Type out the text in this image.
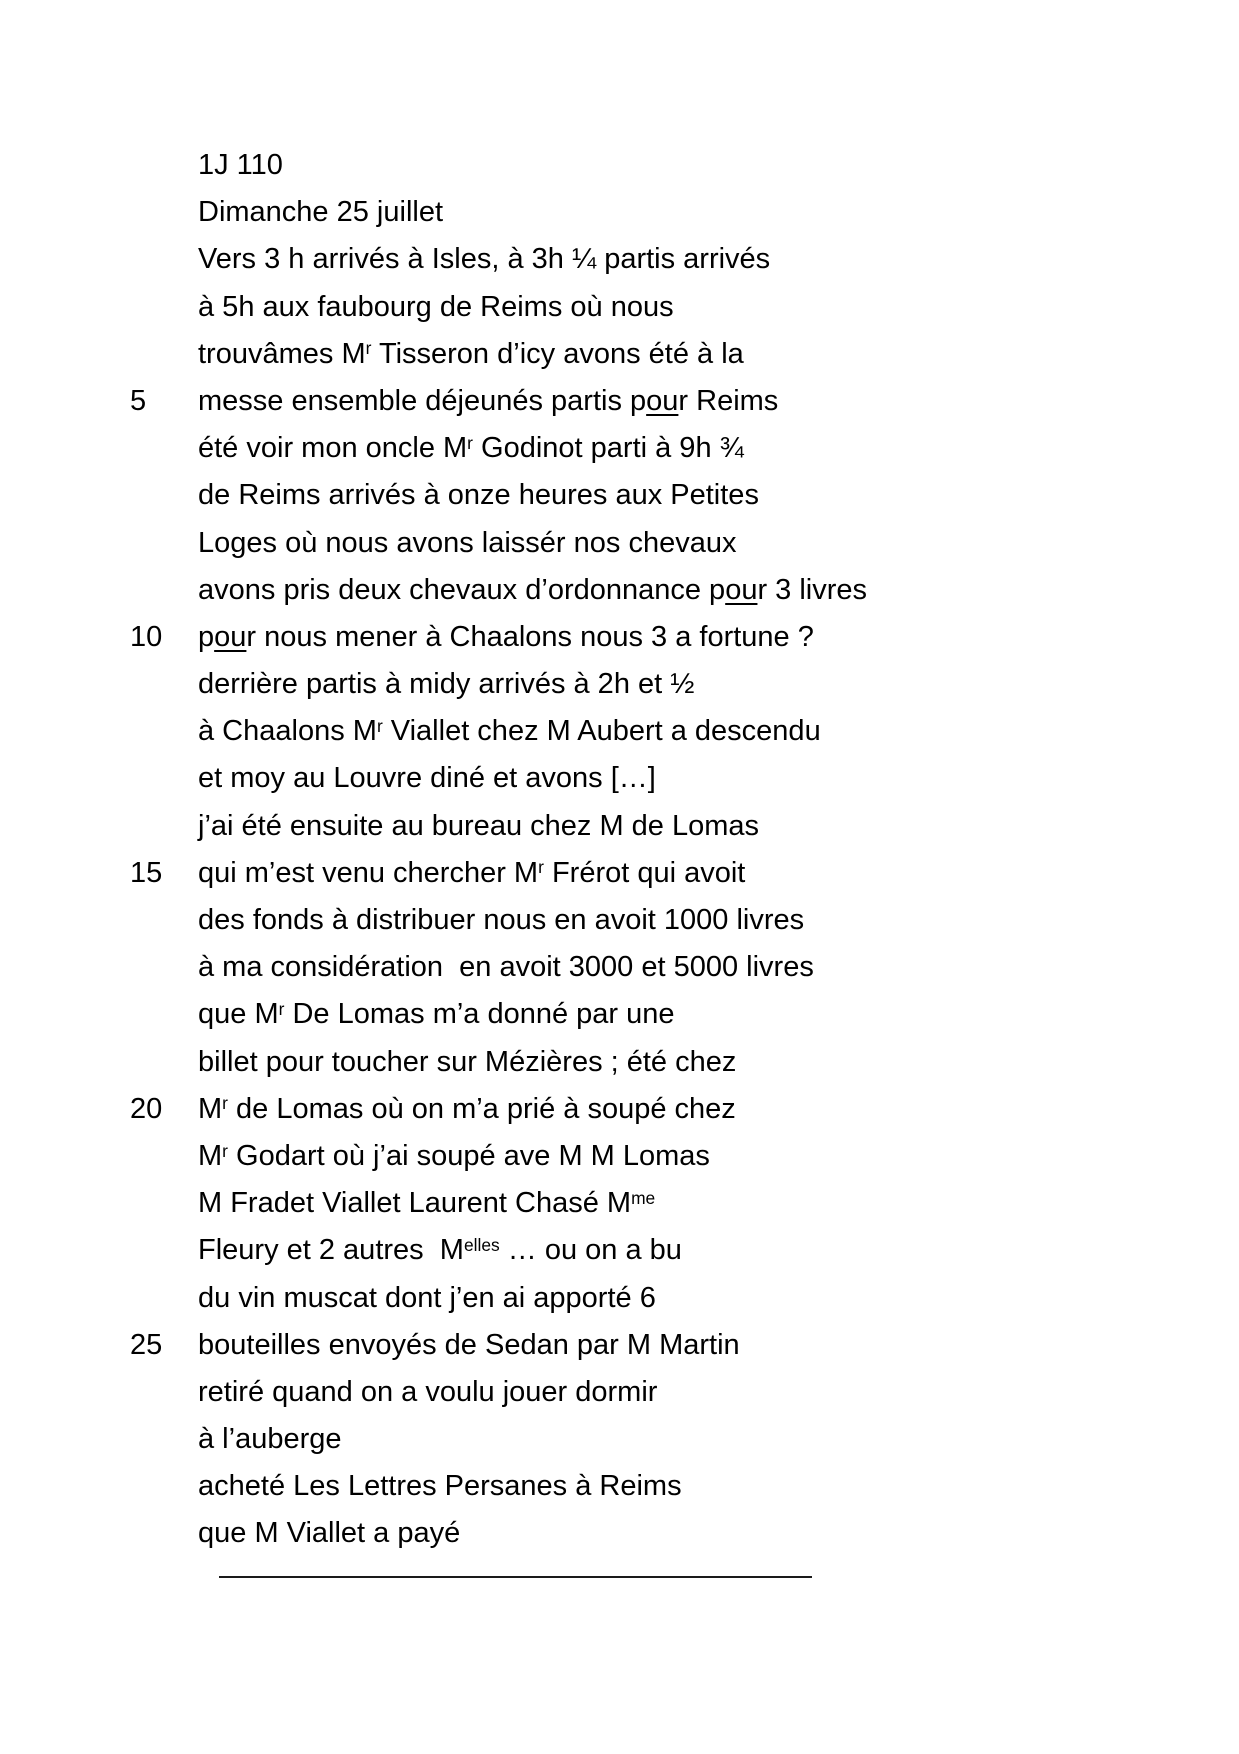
1J 110
Dimanche 25 juillet
Vers 3 h arrivés à Isles, à 3h ¼ partis arrivés
à 5h aux faubourg de Reims où nous
trouvâmes $M^r$ Tisseron d’icy avons été à la
5 messe ensemble déjeunés partis pour Reims
été voir mon oncle $M^r$ Godinot parti à 9h ¾
de Reims arrivés à onze heures aux Petites
Loges où nous avons laissér nos chevaux
avons pris deux chevaux d’ordonnance pour 3 livres
10 pour nous mener à Chaalons nous 3 a fortune ?
derrière partis à midy arrivés à 2h et ½
à Chaalons $M^r$ Viallet chez M Aubert a descendu
et moy au Louvre diné et avons […]
j’ai été ensuite au bureau chez M de Lomas
15 qui m’est venu chercher $M^r$ Frérot qui avoit
des fonds à distribuer nous en avoit 1000 livres
à ma considération  en avoit 3000 et 5000 livres
que $M^r$ De Lomas m’a donné par une
billet pour toucher sur Mézières ; été chez
20 $M^r$ de Lomas où on m’a prié à soupé chez
$M^r$ Godart où j’ai soupé ave M M Lomas
M Fradet Viallet Laurent Chasé $M^{me}$
Fleury et 2 autres  $M^{elles}$ … ou on a bu
du vin muscat dont j’en ai apporté 6
25 bouteilles envoyés de Sedan par M Martin
retiré quand on a voulu jouer dormir
à l’auberge
acheté Les Lettres Persanes à Reims
que M Viallet a payé
